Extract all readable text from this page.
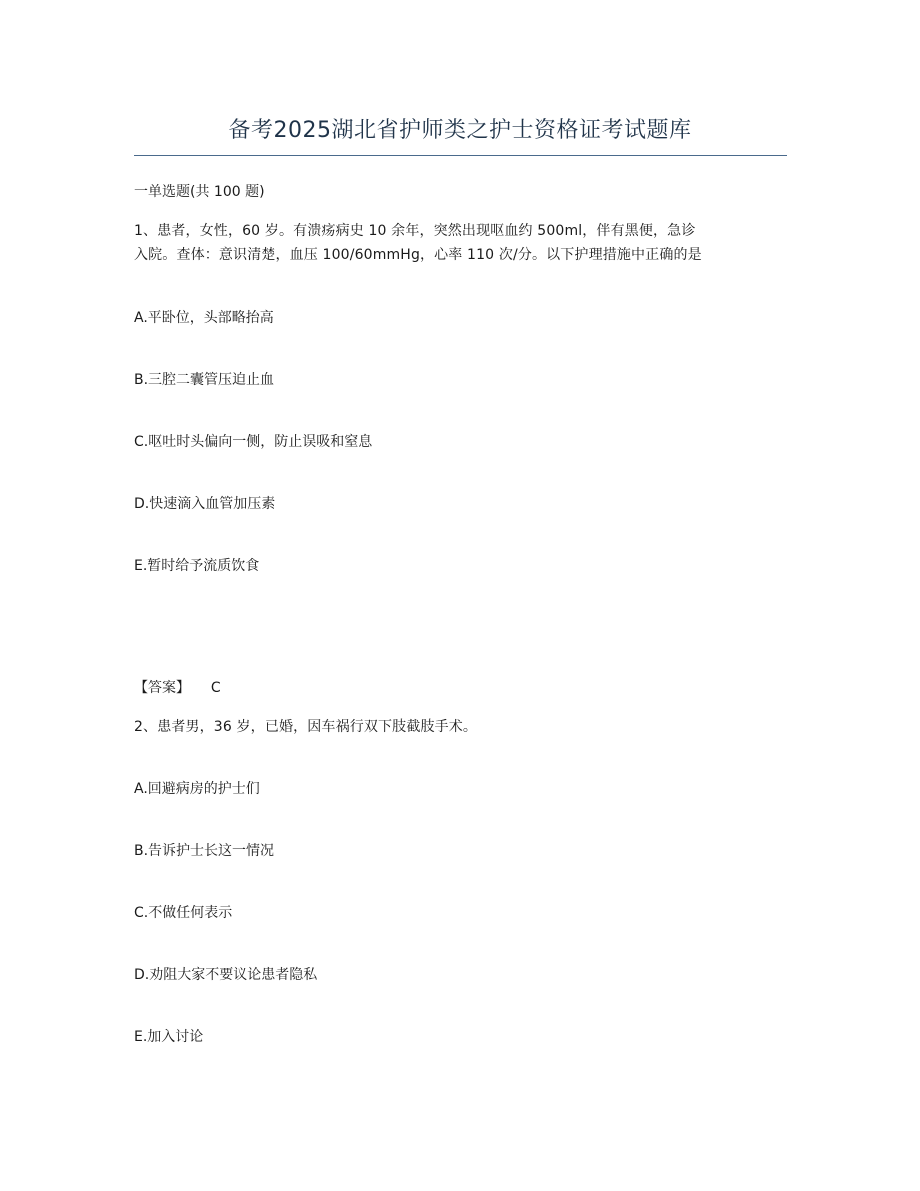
备考2025湖北省护师类之护士资格证考试题库
一单选题(共 100 题)
1、患者，女性，60 岁。有溃疡病史 10 余年，突然出现呕血约 500ml，伴有黑便，急诊
入院。查体：意识清楚，血压 100/60mmHg，心率 110 次/分。以下护理措施中正确的是
A.平卧位，头部略抬高
B.三腔二囊管压迫止血
C.呕吐时头偏向一侧，防止误吸和窒息
D.快速滴入血管加压素
E.暂时给予流质饮食
【答案】 C
2、患者男，36 岁，已婚，因车祸行双下肢截肢手术。
A.回避病房的护士们
B.告诉护士长这一情况
C.不做任何表示
D.劝阻大家不要议论患者隐私
E.加入讨论
